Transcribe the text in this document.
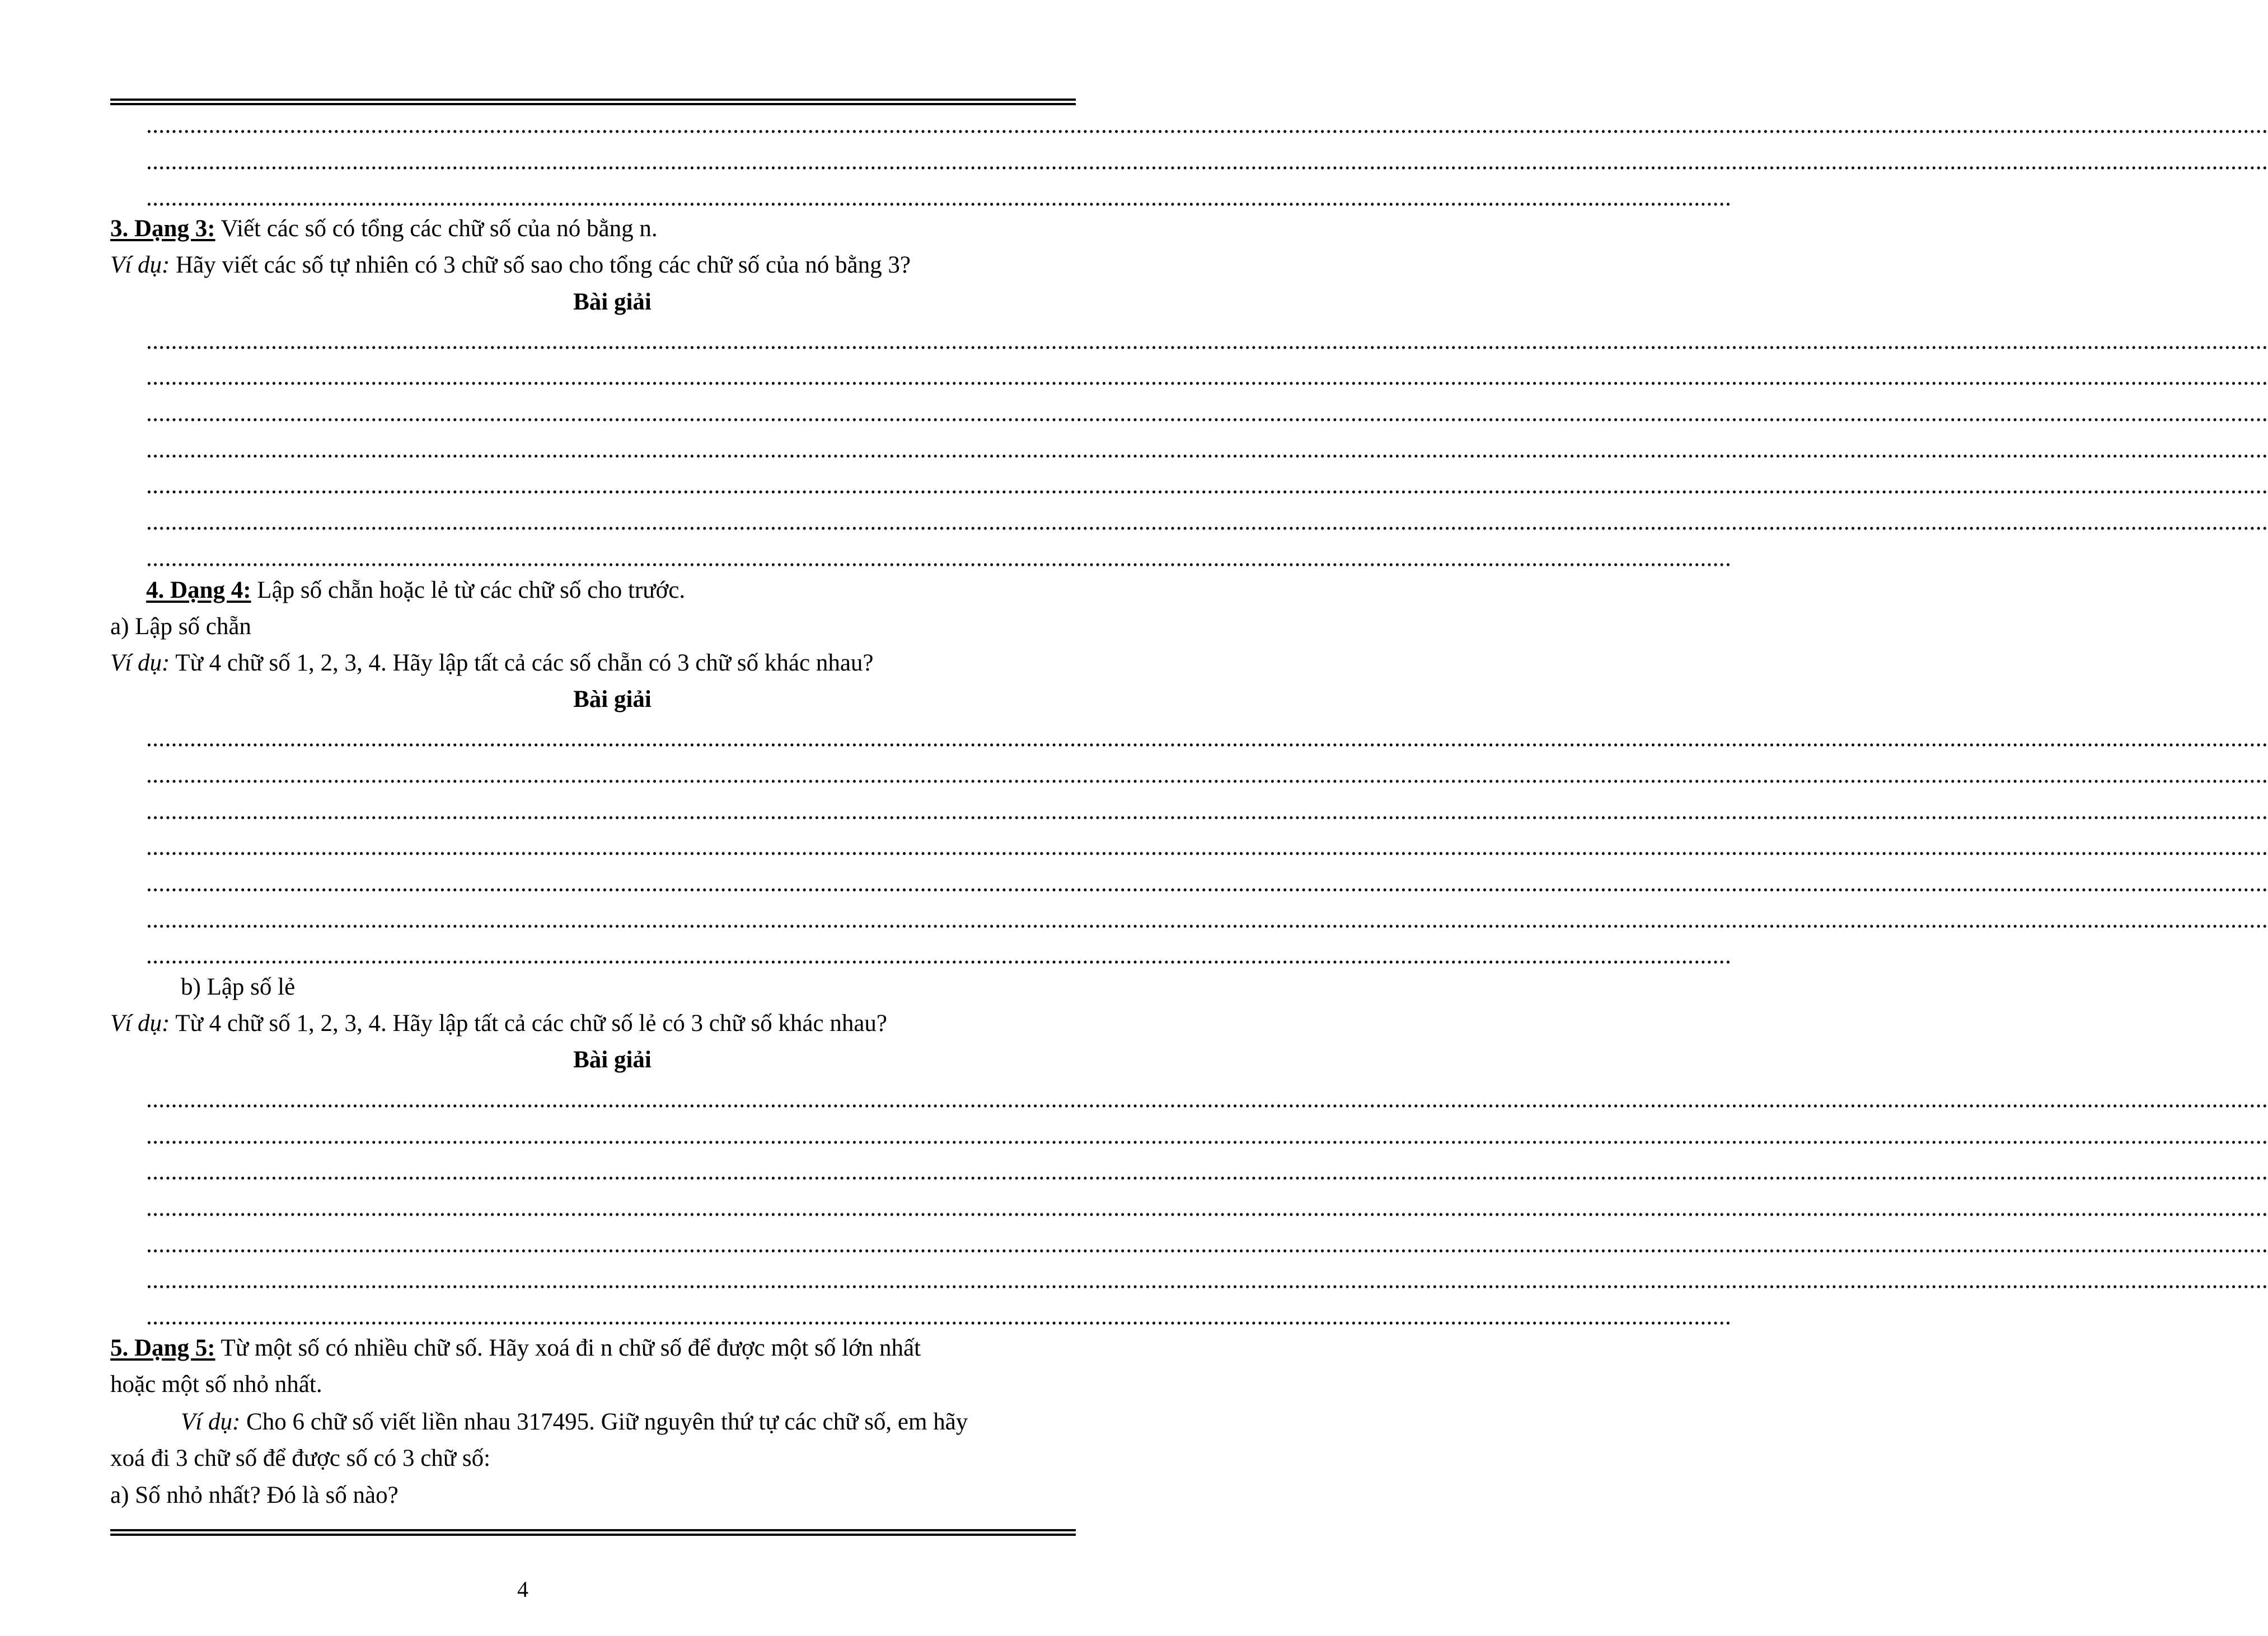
....................................................................................................................................................................................................................................................................................................................................................
....................................................................................................................................................................................................................................................................................................................................................
..............................................................................................................................................................................................................................................................
3. Dạng 3: Viết các số có tổng các chữ số của nó bằng n.
Ví dụ: Hãy viết các số tự nhiên có 3 chữ số sao cho tổng các chữ số của nó bằng 3?
Bài giải
....................................................................................................................................................................................................................................................................................................................................................
....................................................................................................................................................................................................................................................................................................................................................
....................................................................................................................................................................................................................................................................................................................................................
....................................................................................................................................................................................................................................................................................................................................................
....................................................................................................................................................................................................................................................................................................................................................
....................................................................................................................................................................................................................................................................................................................................................
..............................................................................................................................................................................................................................................................
4. Dạng 4: Lập số chẵn hoặc lẻ từ các chữ số cho trước.
a) Lập số chẵn
Ví dụ: Từ 4 chữ số 1, 2, 3, 4. Hãy lập tất cả các số chẵn có 3 chữ số khác nhau?
Bài giải
....................................................................................................................................................................................................................................................................................................................................................
....................................................................................................................................................................................................................................................................................................................................................
....................................................................................................................................................................................................................................................................................................................................................
....................................................................................................................................................................................................................................................................................................................................................
....................................................................................................................................................................................................................................................................................................................................................
....................................................................................................................................................................................................................................................................................................................................................
..............................................................................................................................................................................................................................................................
b) Lập số lẻ
Ví dụ: Từ 4 chữ số 1, 2, 3, 4. Hãy lập tất cả các chữ số lẻ có 3 chữ số khác nhau?
Bài giải
....................................................................................................................................................................................................................................................................................................................................................
....................................................................................................................................................................................................................................................................................................................................................
....................................................................................................................................................................................................................................................................................................................................................
....................................................................................................................................................................................................................................................................................................................................................
....................................................................................................................................................................................................................................................................................................................................................
....................................................................................................................................................................................................................................................................................................................................................
..............................................................................................................................................................................................................................................................
5. Dạng 5: Từ một số có nhiều chữ số. Hãy xoá đi n chữ số để được một số lớn nhất
hoặc một số nhỏ nhất.
Ví dụ: Cho 6 chữ số viết liền nhau 317495. Giữ nguyên thứ tự các chữ số, em hãy
xoá đi 3 chữ số để được số có 3 chữ số:
a) Số nhỏ nhất? Đó là số nào?
4
